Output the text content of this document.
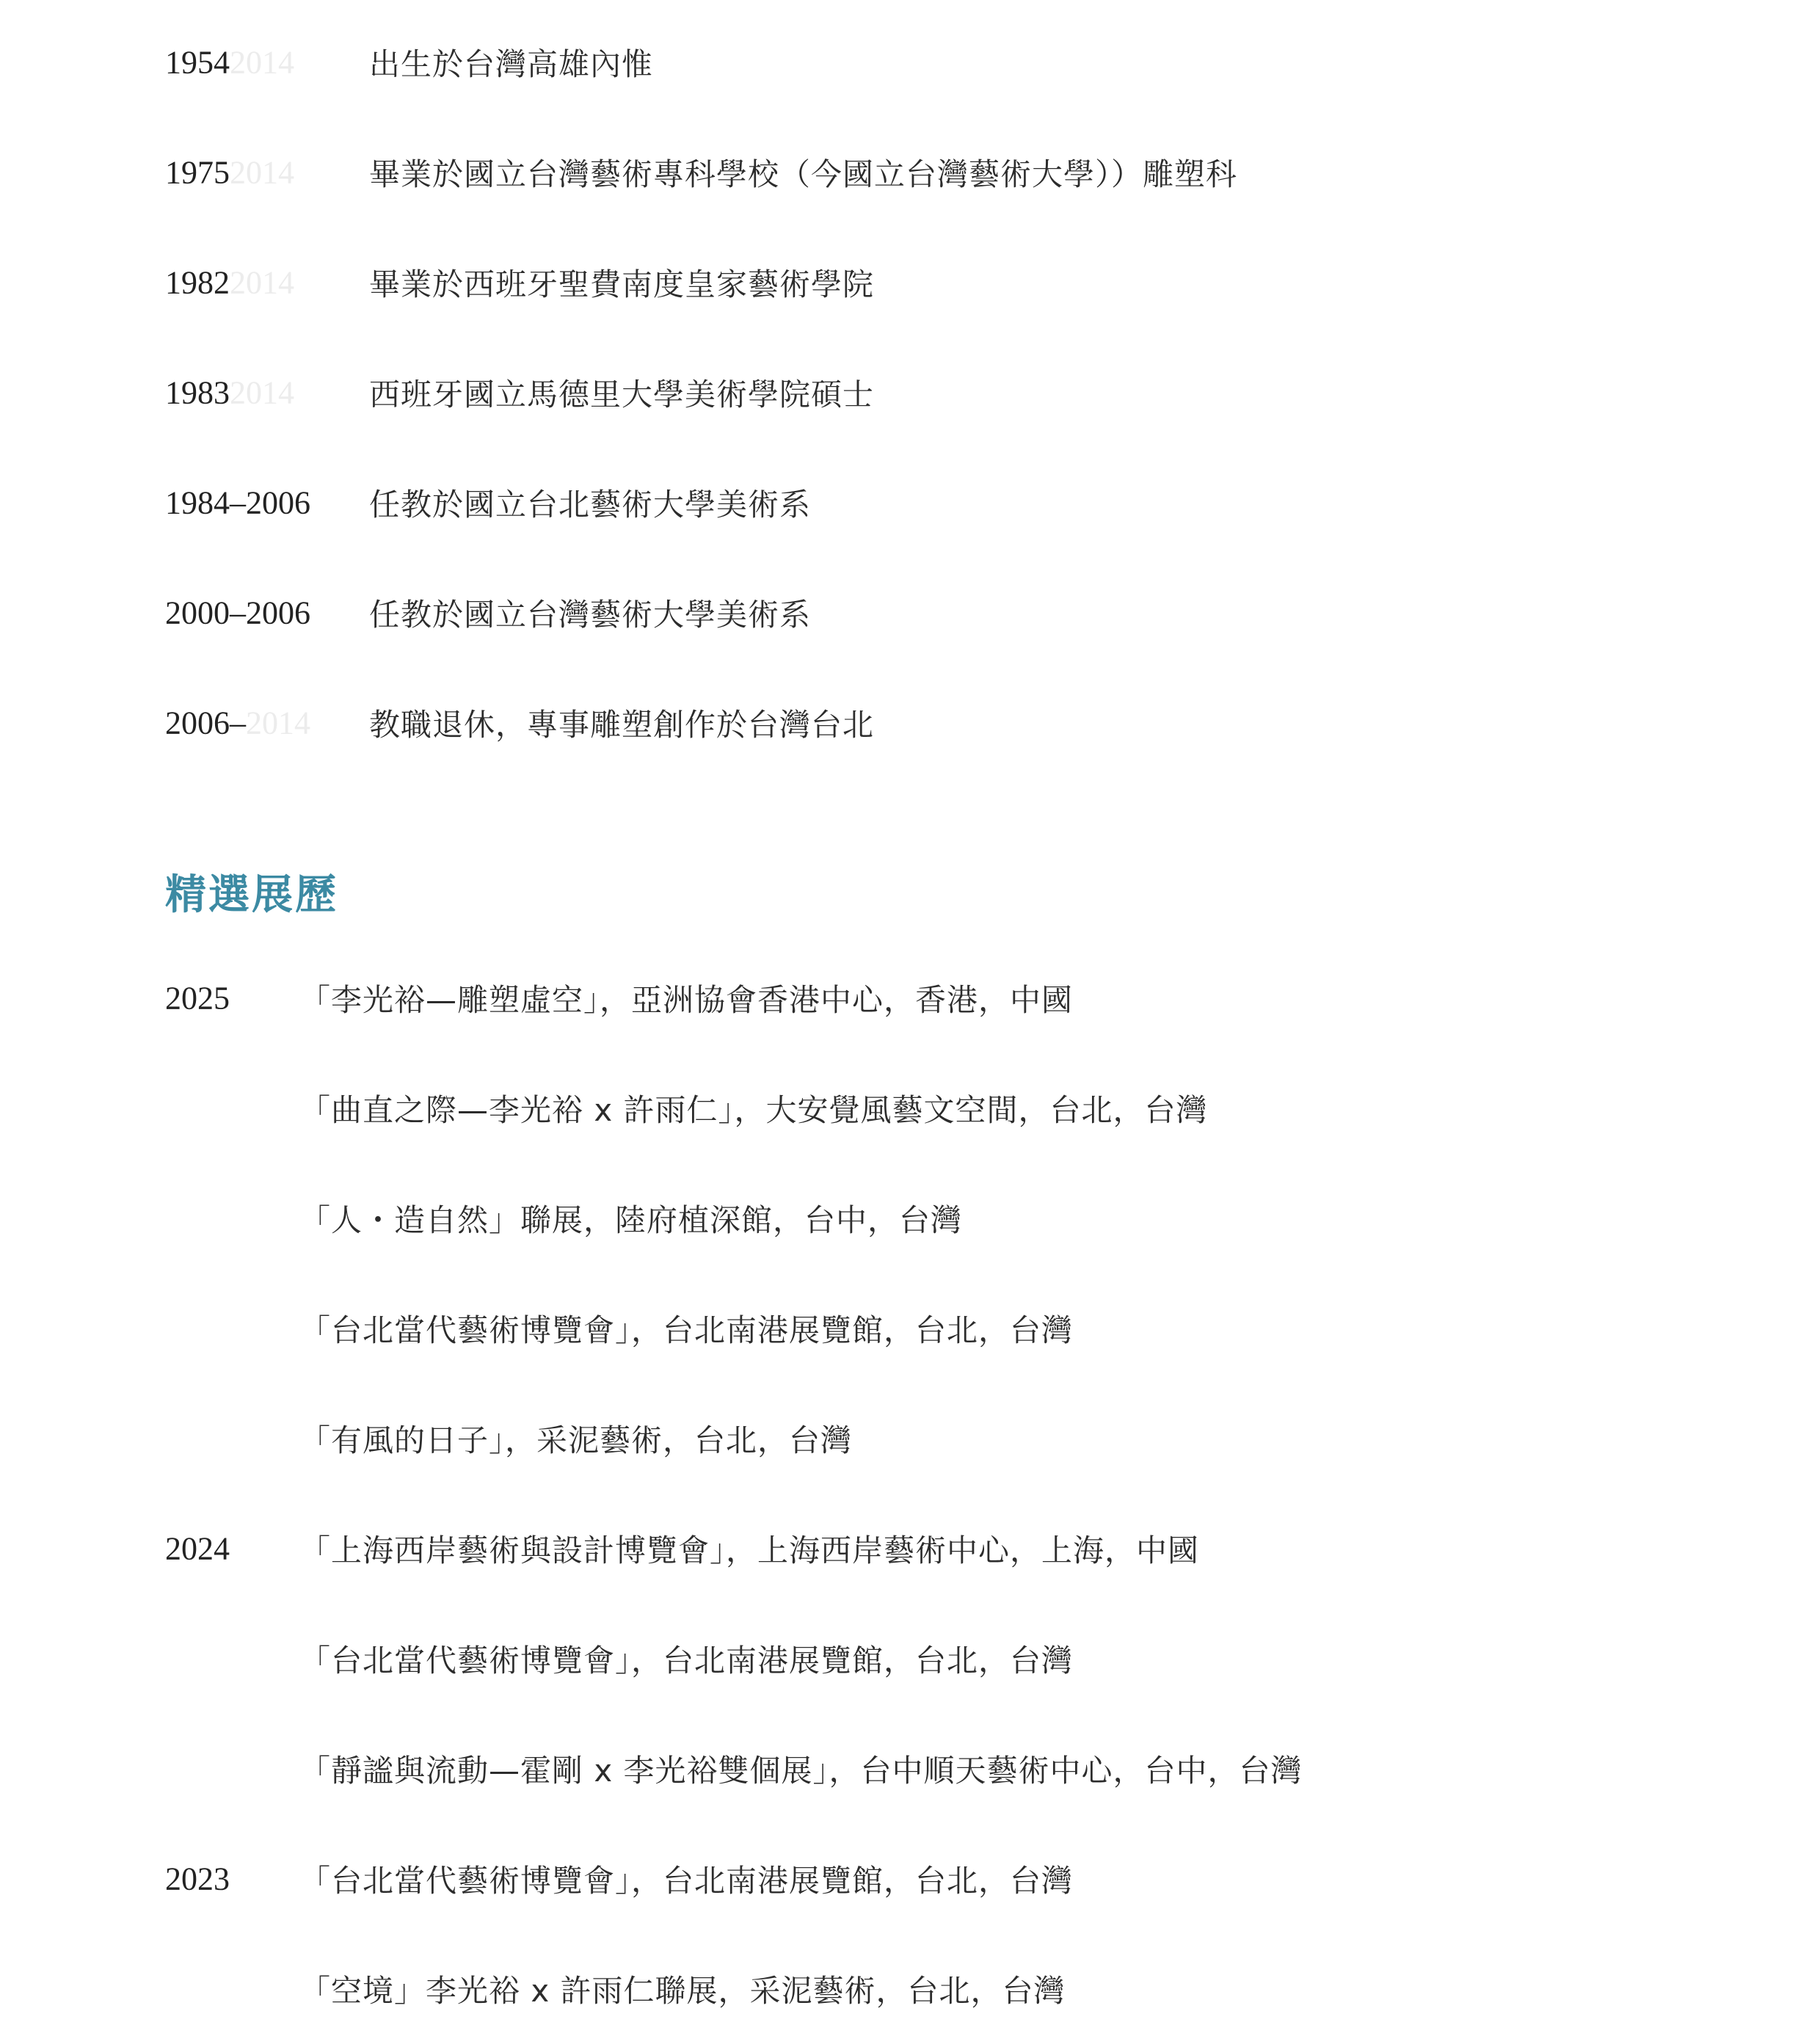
19542014 出生於台灣高雄內惟
19752014 畢業於國立台灣藝術專科學校（今國立台灣藝術大學））雕塑科
19822014 畢業於西班牙聖費南度皇家藝術學院
19832014 西班牙國立馬德里大學美術學院碩士
1984–2006 任教於國立台北藝術大學美術系
2000–2006 任教於國立台灣藝術大學美術系
2006–2014 教職退休，專事雕塑創作於台灣台北
精選展歷
2025 「李光裕—雕塑虛空」，亞洲協會香港中心，香港，中國
「曲直之際—李光裕 x 許雨仁」，大安覺風藝文空間，台北，台灣
「人・造自然」聯展，陸府植深館，台中，台灣
「台北當代藝術博覽會」，台北南港展覽館，台北，台灣
「有風的日子」，采泥藝術，台北，台灣
2024 「上海西岸藝術與設計博覽會」，上海西岸藝術中心，上海，中國
「台北當代藝術博覽會」，台北南港展覽館，台北，台灣
「靜謐與流動—霍剛 x 李光裕雙個展」，台中順天藝術中心，台中，台灣
2023 「台北當代藝術博覽會」，台北南港展覽館，台北，台灣
「空境」李光裕 x 許雨仁聯展，采泥藝術，台北，台灣
